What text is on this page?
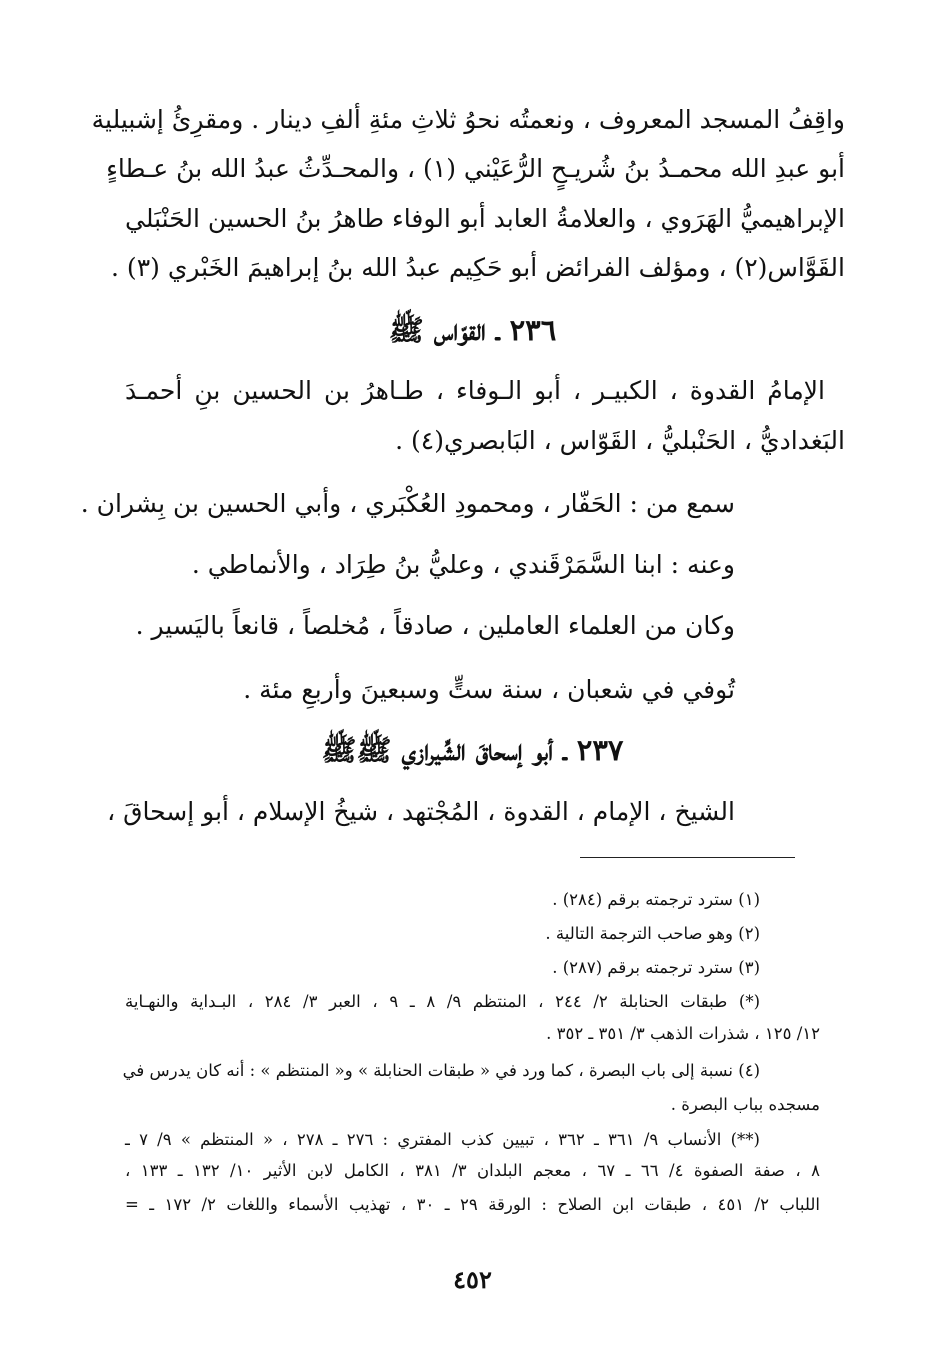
واقِفُ المسجد المعروف ، ونعمتُه نحوُ ثلاثِ مئةِ ألفِ دينار . ومقرِئُ إشبيلية
أبو عبدِ الله محمـدُ بنُ شُريـحٍ الرُّعَيْني (١) ، والمحـدِّثُ عبدُ الله بنُ عـطاءٍ
الإبراهيميُّ الهَرَوي ، والعلامةُ العابد أبو الوفاء طاهرُ بنُ الحسين الحَنْبَلي
القَوَّاس(٢) ، ومؤلف الفرائض أبو حَكِيم عبدُ الله بنُ إبراهيمَ الخَبْري (٣) .
٢٣٦ ـ القوّاس ﷺ
الإمامُ القدوة ، الكبيـر ، أبو الـوفاء ، طـاهرُ بن الحسين بنِ أحمـدَ
البَغداديُّ ، الحَنْبليُّ ، القَوّاس ، البَابصري(٤) .
سمع من : الحَفّار ، ومحمودِ العُكْبَري ، وأبي الحسين بن بِشران .
وعنه : ابنا السَّمَرْقَندي ، وعليُّ بنُ طِرَاد ، والأنماطي .
وكان من العلماء العاملين ، صادقاً ، مُخلصاً ، قانعاً باليَسير .
تُوفي في شعبان ، سنة ستٍّ وسبعينَ وأربعِ مئة .
٢٣٧ ـ أبو إسحاقَ الشِّيرازي ﷺﷺ
الشيخ ، الإمام ، القدوة ، المُجْتهد ، شيخُ الإسلام ، أبو إسحاقَ ،
(١) سترد ترجمته برقم (٢٨٤) .
(٢) وهو صاحب الترجمة التالية .
(٣) سترد ترجمته برقم (٢٨٧) .
(*) طبقات الحنابلة ٢/ ٢٤٤ ، المنتظم ٩/ ٨ ـ ٩ ، العبر ٣/ ٢٨٤ ، البـداية والنهـاية
١٢/ ١٢٥ ، شذرات الذهب ٣/ ٣٥١ ـ ٣٥٢ .
(٤) نسبة إلى باب البصرة ، كما ورد في « طبقات الحنابلة » و« المنتظم » : أنه كان يدرس في
مسجده بباب البصرة .
(**) الأنساب ٩/ ٣٦١ ـ ٣٦٢ ، تبيين كذب المفتري : ٢٧٦ ـ ٢٧٨ ، « المنتظم » ٩/ ٧ ـ
٨ ، صفة الصفوة ٤/ ٦٦ ـ ٦٧ ، معجم البلدان ٣/ ٣٨١ ، الكامل لابن الأثير ١٠/ ١٣٢ ـ ١٣٣ ،
اللباب ٢/ ٤٥١ ، طبقات ابن الصلاح : الورقة ٢٩ ـ ٣٠ ، تهذيب الأسماء واللغات ٢/ ١٧٢ ـ =
٤٥٢
